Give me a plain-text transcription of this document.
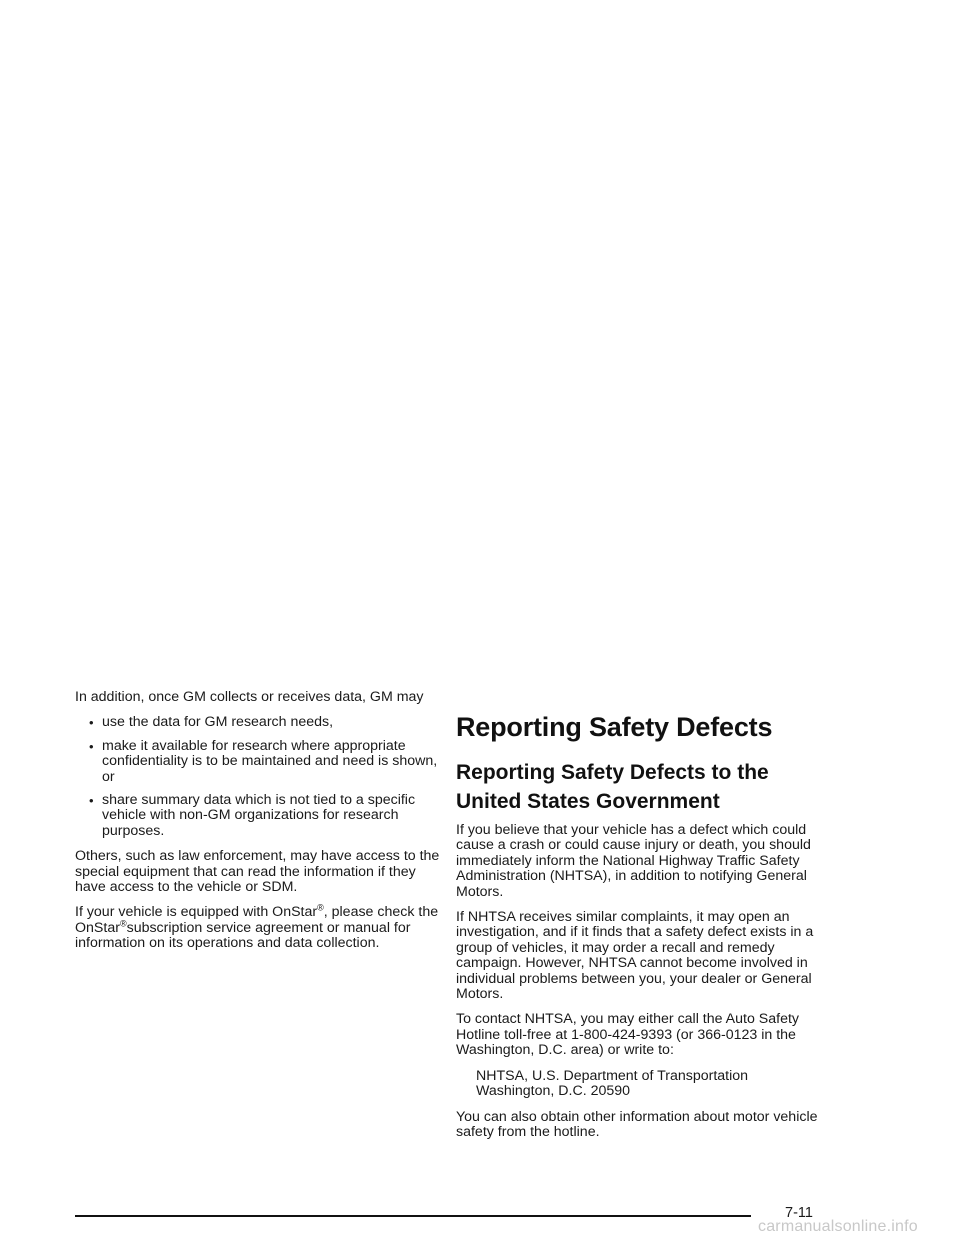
In addition, once GM collects or receives data, GM may

• use the data for GM research needs,
• make it available for research where appropriate confidentiality is to be maintained and need is shown, or
• share summary data which is not tied to a specific vehicle with non-GM organizations for research purposes.

Others, such as law enforcement, may have access to the special equipment that can read the information if they have access to the vehicle or SDM.

If your vehicle is equipped with OnStar®, please check the OnStar®subscription service agreement or manual for information on its operations and data collection.

Reporting Safety Defects
Reporting Safety Defects to the United States Government

If you believe that your vehicle has a defect which could cause a crash or could cause injury or death, you should immediately inform the National Highway Traffic Safety Administration (NHTSA), in addition to notifying General Motors.

If NHTSA receives similar complaints, it may open an investigation, and if it finds that a safety defect exists in a group of vehicles, it may order a recall and remedy campaign. However, NHTSA cannot become involved in individual problems between you, your dealer or General Motors.

To contact NHTSA, you may either call the Auto Safety Hotline toll-free at 1-800-424-9393 (or 366-0123 in the Washington, D.C. area) or write to:

NHTSA, U.S. Department of Transportation
Washington, D.C. 20590

You can also obtain other information about motor vehicle safety from the hotline.

7-11
carmanualsonline.info
